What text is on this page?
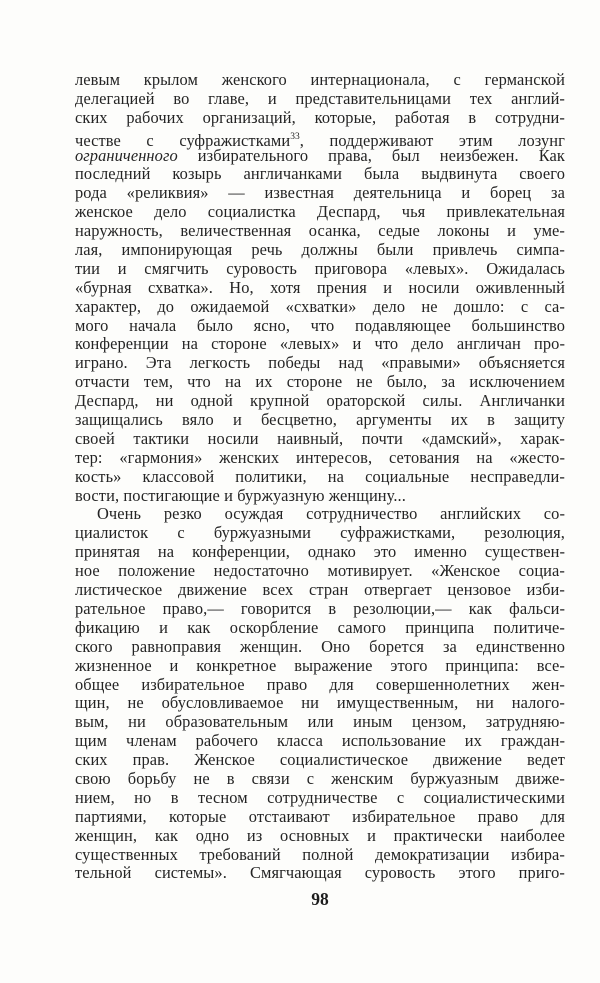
левым крылом женского интернационала, с германской
делегацией во главе, и представительницами тех англий-
ских рабочих организаций, которые, работая в сотрудни-
честве с суфражистками$^{33}$, поддерживают этим лозунг
ограниченного избирательного права, был неизбежен. Как
последний козырь англичанками была выдвинута своего
рода «реликвия» — известная деятельница и борец за
женское дело социалистка Деспард, чья привлекательная
наружность, величественная осанка, седые локоны и уме-
лая, импонирующая речь должны были привлечь симпа-
тии и смягчить суровость приговора «левых». Ожидалась
«бурная схватка». Но, хотя прения и носили оживленный
характер, до ожидаемой «схватки» дело не дошло: с са-
мого начала было ясно, что подавляющее большинство
конференции на стороне «левых» и что дело англичан про-
играно. Эта легкость победы над «правыми» объясняется
отчасти тем, что на их стороне не было, за исключением
Деспард, ни одной крупной ораторской силы. Англичанки
защищались вяло и бесцветно, аргументы их в защиту
своей тактики носили наивный, почти «дамский», харак-
тер: «гармония» женских интересов, сетования на «жесто-
кость» классовой политики, на социальные несправедли-
вости, постигающие и буржуазную женщину...
Очень резко осуждая сотрудничество английских со-
циалисток с буржуазными суфражистками, резолюция,
принятая на конференции, однако это именно существен-
ное положение недостаточно мотивирует. «Женское социа-
листическое движение всех стран отвергает цензовое изби-
рательное право,— говорится в резолюции,— как фальси-
фикацию и как оскорбление самого принципа политиче-
ского равноправия женщин. Оно борется за единственно
жизненное и конкретное выражение этого принципа: все-
общее избирательное право для совершеннолетних жен-
щин, не обусловливаемое ни имущественным, ни налого-
вым, ни образовательным или иным цензом, затрудняю-
щим членам рабочего класса использование их граждан-
ских прав. Женское социалистическое движение ведет
свою борьбу не в связи с женским буржуазным движе-
нием, но в тесном сотрудничестве с социалистическими
партиями, которые отстаивают избирательное право для
женщин, как одно из основных и практически наиболее
существенных требований полной демократизации избира-
тельной системы». Смягчающая суровость этого приго-
98
